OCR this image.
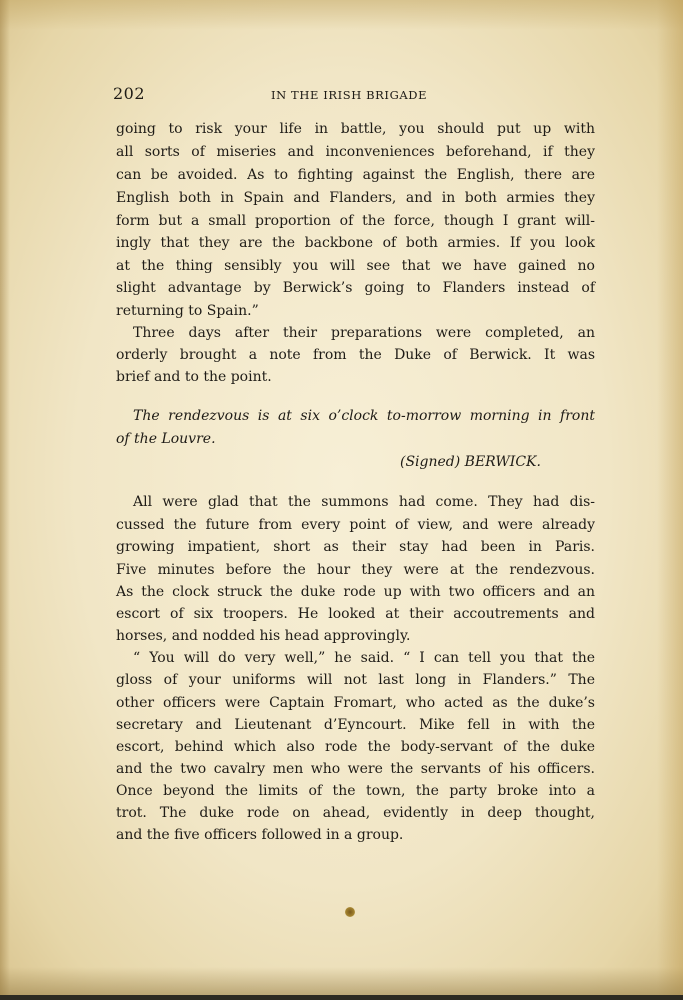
202	IN THE IRISH BRIGADE
going to risk your life in battle, you should put up with
all sorts of miseries and inconveniences beforehand, if they
can be avoided. As to fighting against the English, there are
English both in Spain and Flanders, and in both armies they
form but a small proportion of the force, though I grant will-
ingly that they are the backbone of both armies. If you look
at the thing sensibly you will see that we have gained no
slight advantage by Berwick’s going to Flanders instead of
returning to Spain.”
Three days after their preparations were completed, an
orderly brought a note from the Duke of Berwick. It was
brief and to the point.
The rendezvous is at six o’clock to-morrow morning in front
of the Louvre.
(Signed) BERWICK.
All were glad that the summons had come. They had dis-
cussed the future from every point of view, and were already
growing impatient, short as their stay had been in Paris.
Five minutes before the hour they were at the rendezvous.
As the clock struck the duke rode up with two officers and an
escort of six troopers. He looked at their accoutrements and
horses, and nodded his head approvingly.
“ You will do very well,” he said. “ I can tell you that the
gloss of your uniforms will not last long in Flanders.” The
other officers were Captain Fromart, who acted as the duke’s
secretary and Lieutenant d’Eyncourt. Mike fell in with the
escort, behind which also rode the body-servant of the duke
and the two cavalry men who were the servants of his officers.
Once beyond the limits of the town, the party broke into a
trot. The duke rode on ahead, evidently in deep thought,
and the five officers followed in a group.
